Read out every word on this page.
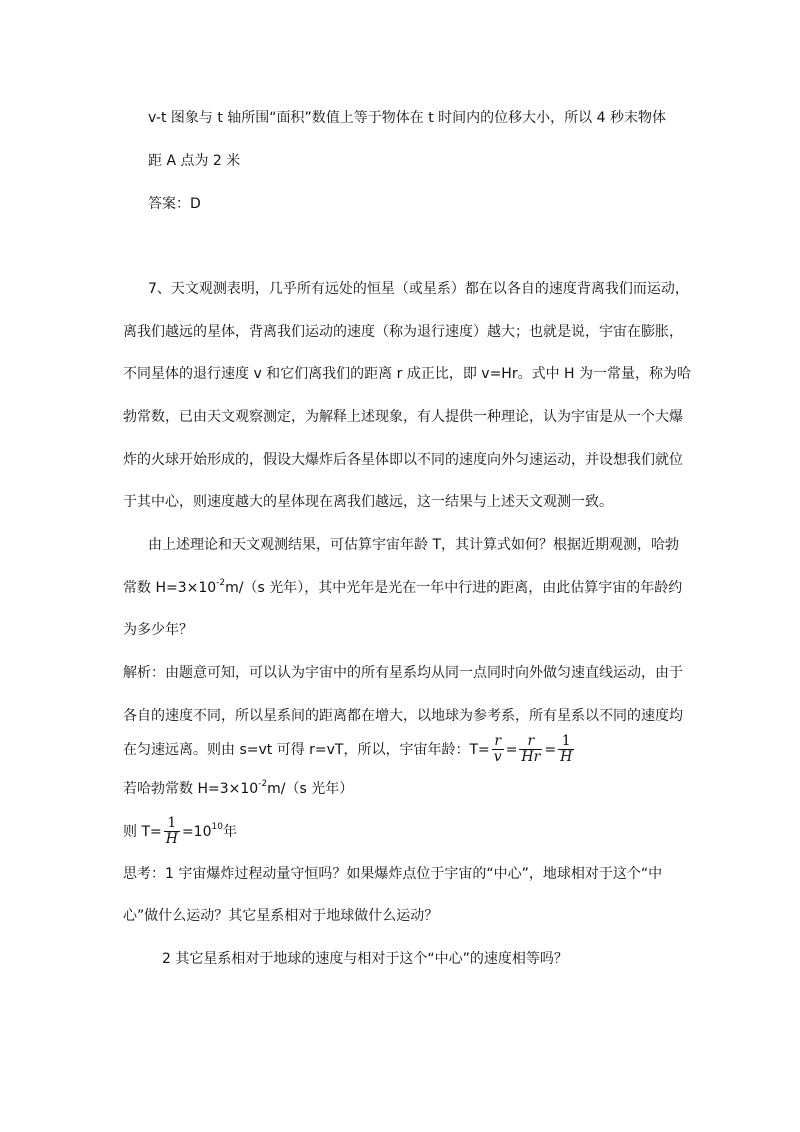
v-t 图象与 t 轴所围“面积”数值上等于物体在 t 时间内的位移大小，所以 4 秒末物体
距 A 点为 2 米
答案：D
7、天文观测表明，几乎所有远处的恒星（或星系）都在以各自的速度背离我们而运动，
离我们越远的星体，背离我们运动的速度（称为退行速度）越大；也就是说，宇宙在膨胀，
不同星体的退行速度 v 和它们离我们的距离 r 成正比，即 v=Hr。式中 H 为一常量，称为哈
勃常数，已由天文观察测定，为解释上述现象，有人提供一种理论，认为宇宙是从一个大爆
炸的火球开始形成的，假设大爆炸后各星体即以不同的速度向外匀速运动，并设想我们就位
于其中心，则速度越大的星体现在离我们越远，这一结果与上述天文观测一致。
由上述理论和天文观测结果，可估算宇宙年龄 T，其计算式如何？根据近期观测，哈勃
常数 $H=3\times 10^{-2}m/(s$ 光年），其中光年是光在一年中行进的距离，由此估算宇宙的年龄约
为多少年？
解析：由题意可知，可以认为宇宙中的所有星系均从同一点同时向外做匀速直线运动，由于
各自的速度不同，所以星系间的距离都在增大，以地球为参考系，所有星系以不同的速度均
在匀速远离。则由 s=vt 可得 r=vT，所以，宇宙年龄：$T= \frac{r}{v} = \frac{r}{Hr} = \frac{1}{H}$
若哈勃常数 $H=3\times 10^{-2}m/(s$ 光年）
则 $T= \frac{1}{H} =10^{10}$年
思考：1 宇宙爆炸过程动量守恒吗？如果爆炸点位于宇宙的“中心”，地球相对于这个“中
心”做什么运动？其它星系相对于地球做什么运动？
2 其它星系相对于地球的速度与相对于这个“中心”的速度相等吗？
